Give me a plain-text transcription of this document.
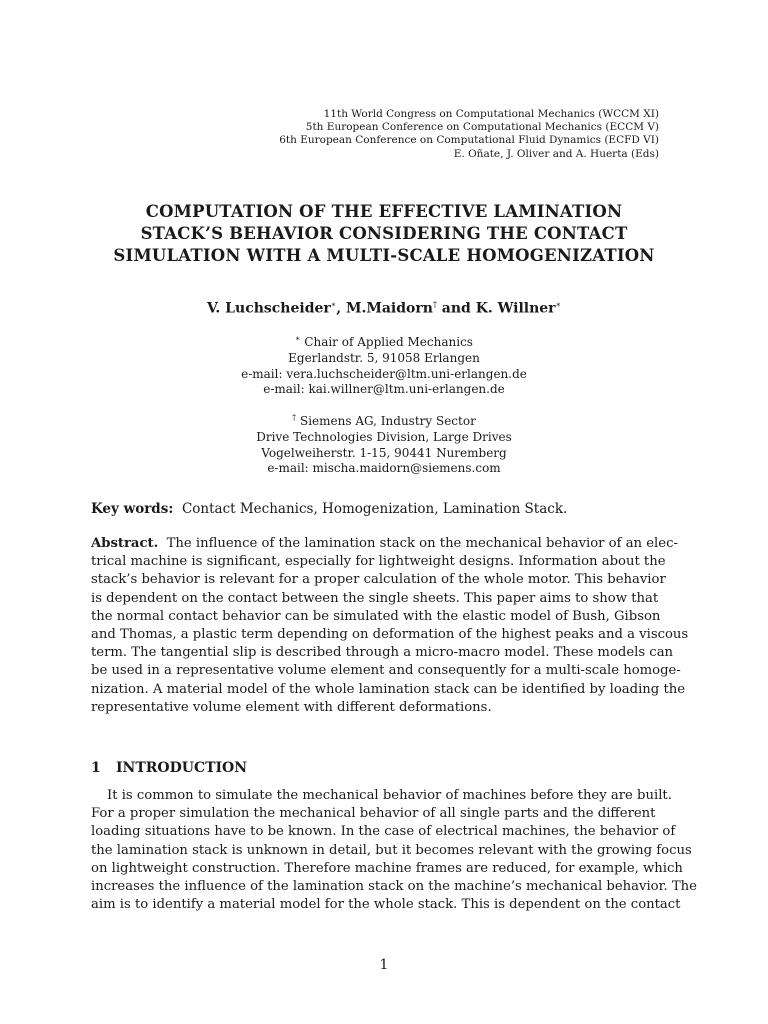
11th World Congress on Computational Mechanics (WCCM XI)
5th European Conference on Computational Mechanics (ECCM V)
6th European Conference on Computational Fluid Dynamics (ECFD VI)
E. Oñate, J. Oliver and A. Huerta (Eds)
COMPUTATION OF THE EFFECTIVE LAMINATION
STACK’S BEHAVIOR CONSIDERING THE CONTACT
SIMULATION WITH A MULTI-SCALE HOMOGENIZATION
V. Luchscheider∗, M.Maidorn† and K. Willner∗
∗ Chair of Applied Mechanics
Egerlandstr. 5, 91058 Erlangen
e-mail: vera.luchscheider@ltm.uni-erlangen.de
e-mail: kai.willner@ltm.uni-erlangen.de
† Siemens AG, Industry Sector
Drive Technologies Division, Large Drives
Vogelweiherstr. 1-15, 90441 Nuremberg
e-mail: mischa.maidorn@siemens.com
Key words: Contact Mechanics, Homogenization, Lamination Stack.
Abstract.
The influence of the lamination stack on the mechanical behavior of an elec-
trical machine is significant, especially for lightweight designs. Information about the
stack’s behavior is relevant for a proper calculation of the whole motor. This behavior
is dependent on the contact between the single sheets. This paper aims to show that
the normal contact behavior can be simulated with the elastic model of Bush, Gibson
and Thomas, a plastic term depending on deformation of the highest peaks and a viscous
term. The tangential slip is described through a micro-macro model. These models can
be used in a representative volume element and consequently for a multi-scale homoge-
nization. A material model of the whole lamination stack can be identified by loading the
representative volume element with different deformations.
1 INTRODUCTION
It is common to simulate the mechanical behavior of machines before they are built.
For a proper simulation the mechanical behavior of all single parts and the different
loading situations have to be known. In the case of electrical machines, the behavior of
the lamination stack is unknown in detail, but it becomes relevant with the growing focus
on lightweight construction. Therefore machine frames are reduced, for example, which
increases the influence of the lamination stack on the machine’s mechanical behavior. The
aim is to identify a material model for the whole stack. This is dependent on the contact
1
